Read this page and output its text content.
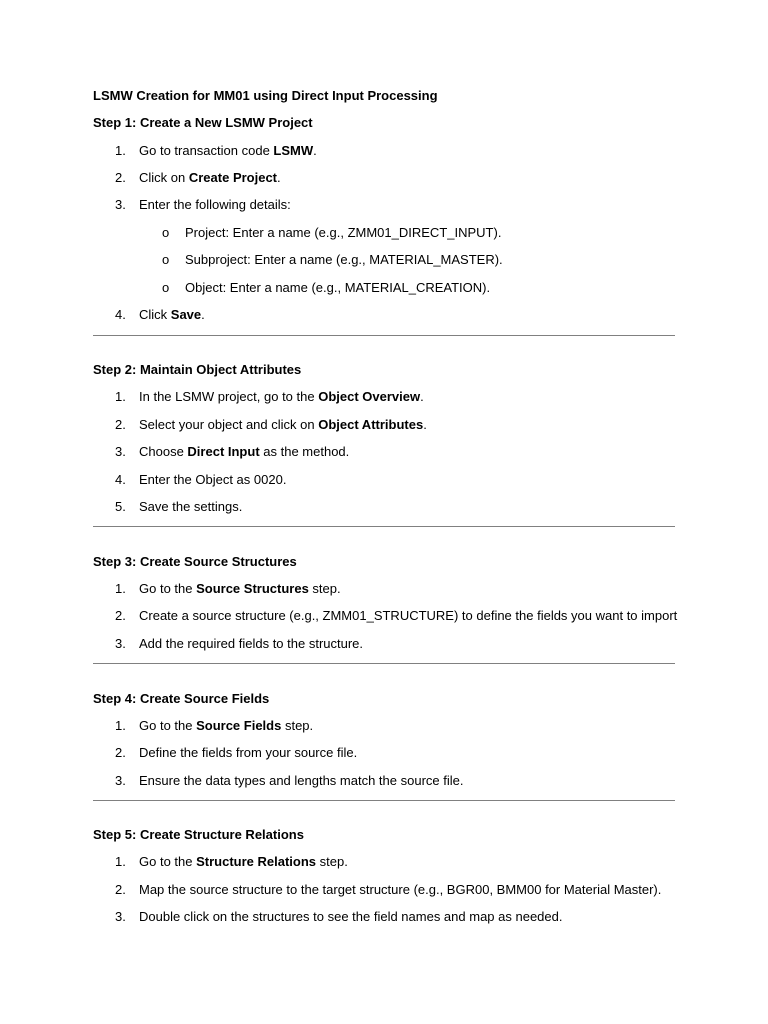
LSMW Creation for MM01 using Direct Input Processing
Step 1: Create a New LSMW Project
1.	Go to transaction code LSMW.
2.	Click on Create Project.
3.	Enter the following details:
o	Project: Enter a name (e.g., ZMM01_DIRECT_INPUT).
o	Subproject: Enter a name (e.g., MATERIAL_MASTER).
o	Object: Enter a name (e.g., MATERIAL_CREATION).
4.	Click Save.
Step 2: Maintain Object Attributes
1.	In the LSMW project, go to the Object Overview.
2.	Select your object and click on Object Attributes.
3.	Choose Direct Input as the method.
4.	Enter the Object as 0020.
5.	Save the settings.
Step 3: Create Source Structures
1.	Go to the Source Structures step.
2.	Create a source structure (e.g., ZMM01_STRUCTURE) to define the fields you want to import
3.	Add the required fields to the structure.
Step 4: Create Source Fields
1.	Go to the Source Fields step.
2.	Define the fields from your source file.
3.	Ensure the data types and lengths match the source file.
Step 5: Create Structure Relations
1.	Go to the Structure Relations step.
2.	Map the source structure to the target structure (e.g., BGR00, BMM00 for Material Master).
3.	Double click on the structures to see the field names and map as needed.
